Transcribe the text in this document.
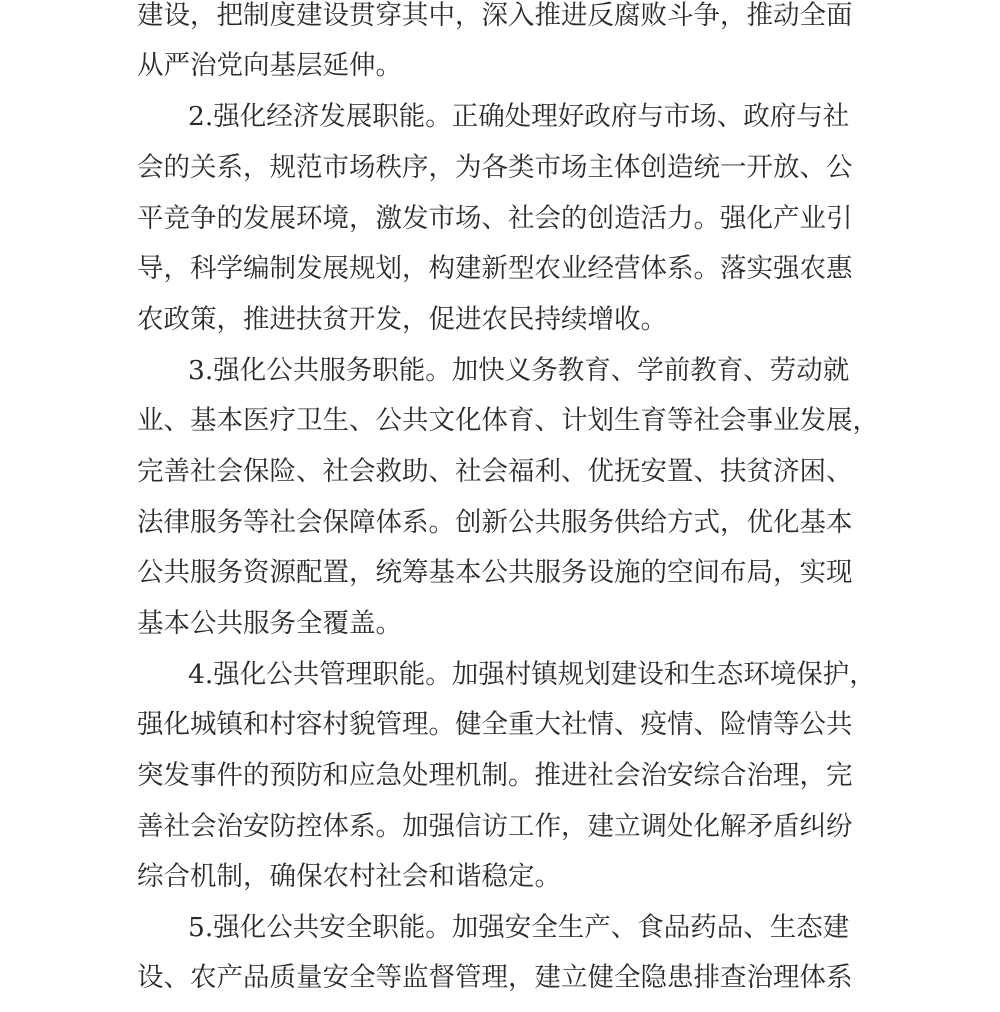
建设，把制度建设贯穿其中，深入推进反腐败斗争，推动全面
从严治党向基层延伸。
2.强化经济发展职能。正确处理好政府与市场、政府与社
会的关系，规范市场秩序，为各类市场主体创造统一开放、公
平竞争的发展环境，激发市场、社会的创造活力。强化产业引
导，科学编制发展规划，构建新型农业经营体系。落实强农惠
农政策，推进扶贫开发，促进农民持续增收。
3.强化公共服务职能。加快义务教育、学前教育、劳动就
业、基本医疗卫生、公共文化体育、计划生育等社会事业发展，
完善社会保险、社会救助、社会福利、优抚安置、扶贫济困、
法律服务等社会保障体系。创新公共服务供给方式，优化基本
公共服务资源配置，统筹基本公共服务设施的空间布局，实现
基本公共服务全覆盖。
4.强化公共管理职能。加强村镇规划建设和生态环境保护，
强化城镇和村容村貌管理。健全重大社情、疫情、险情等公共
突发事件的预防和应急处理机制。推进社会治安综合治理，完
善社会治安防控体系。加强信访工作，建立调处化解矛盾纠纷
综合机制，确保农村社会和谐稳定。
5.强化公共安全职能。加强安全生产、食品药品、生态建
设、农产品质量安全等监督管理，建立健全隐患排查治理体系
